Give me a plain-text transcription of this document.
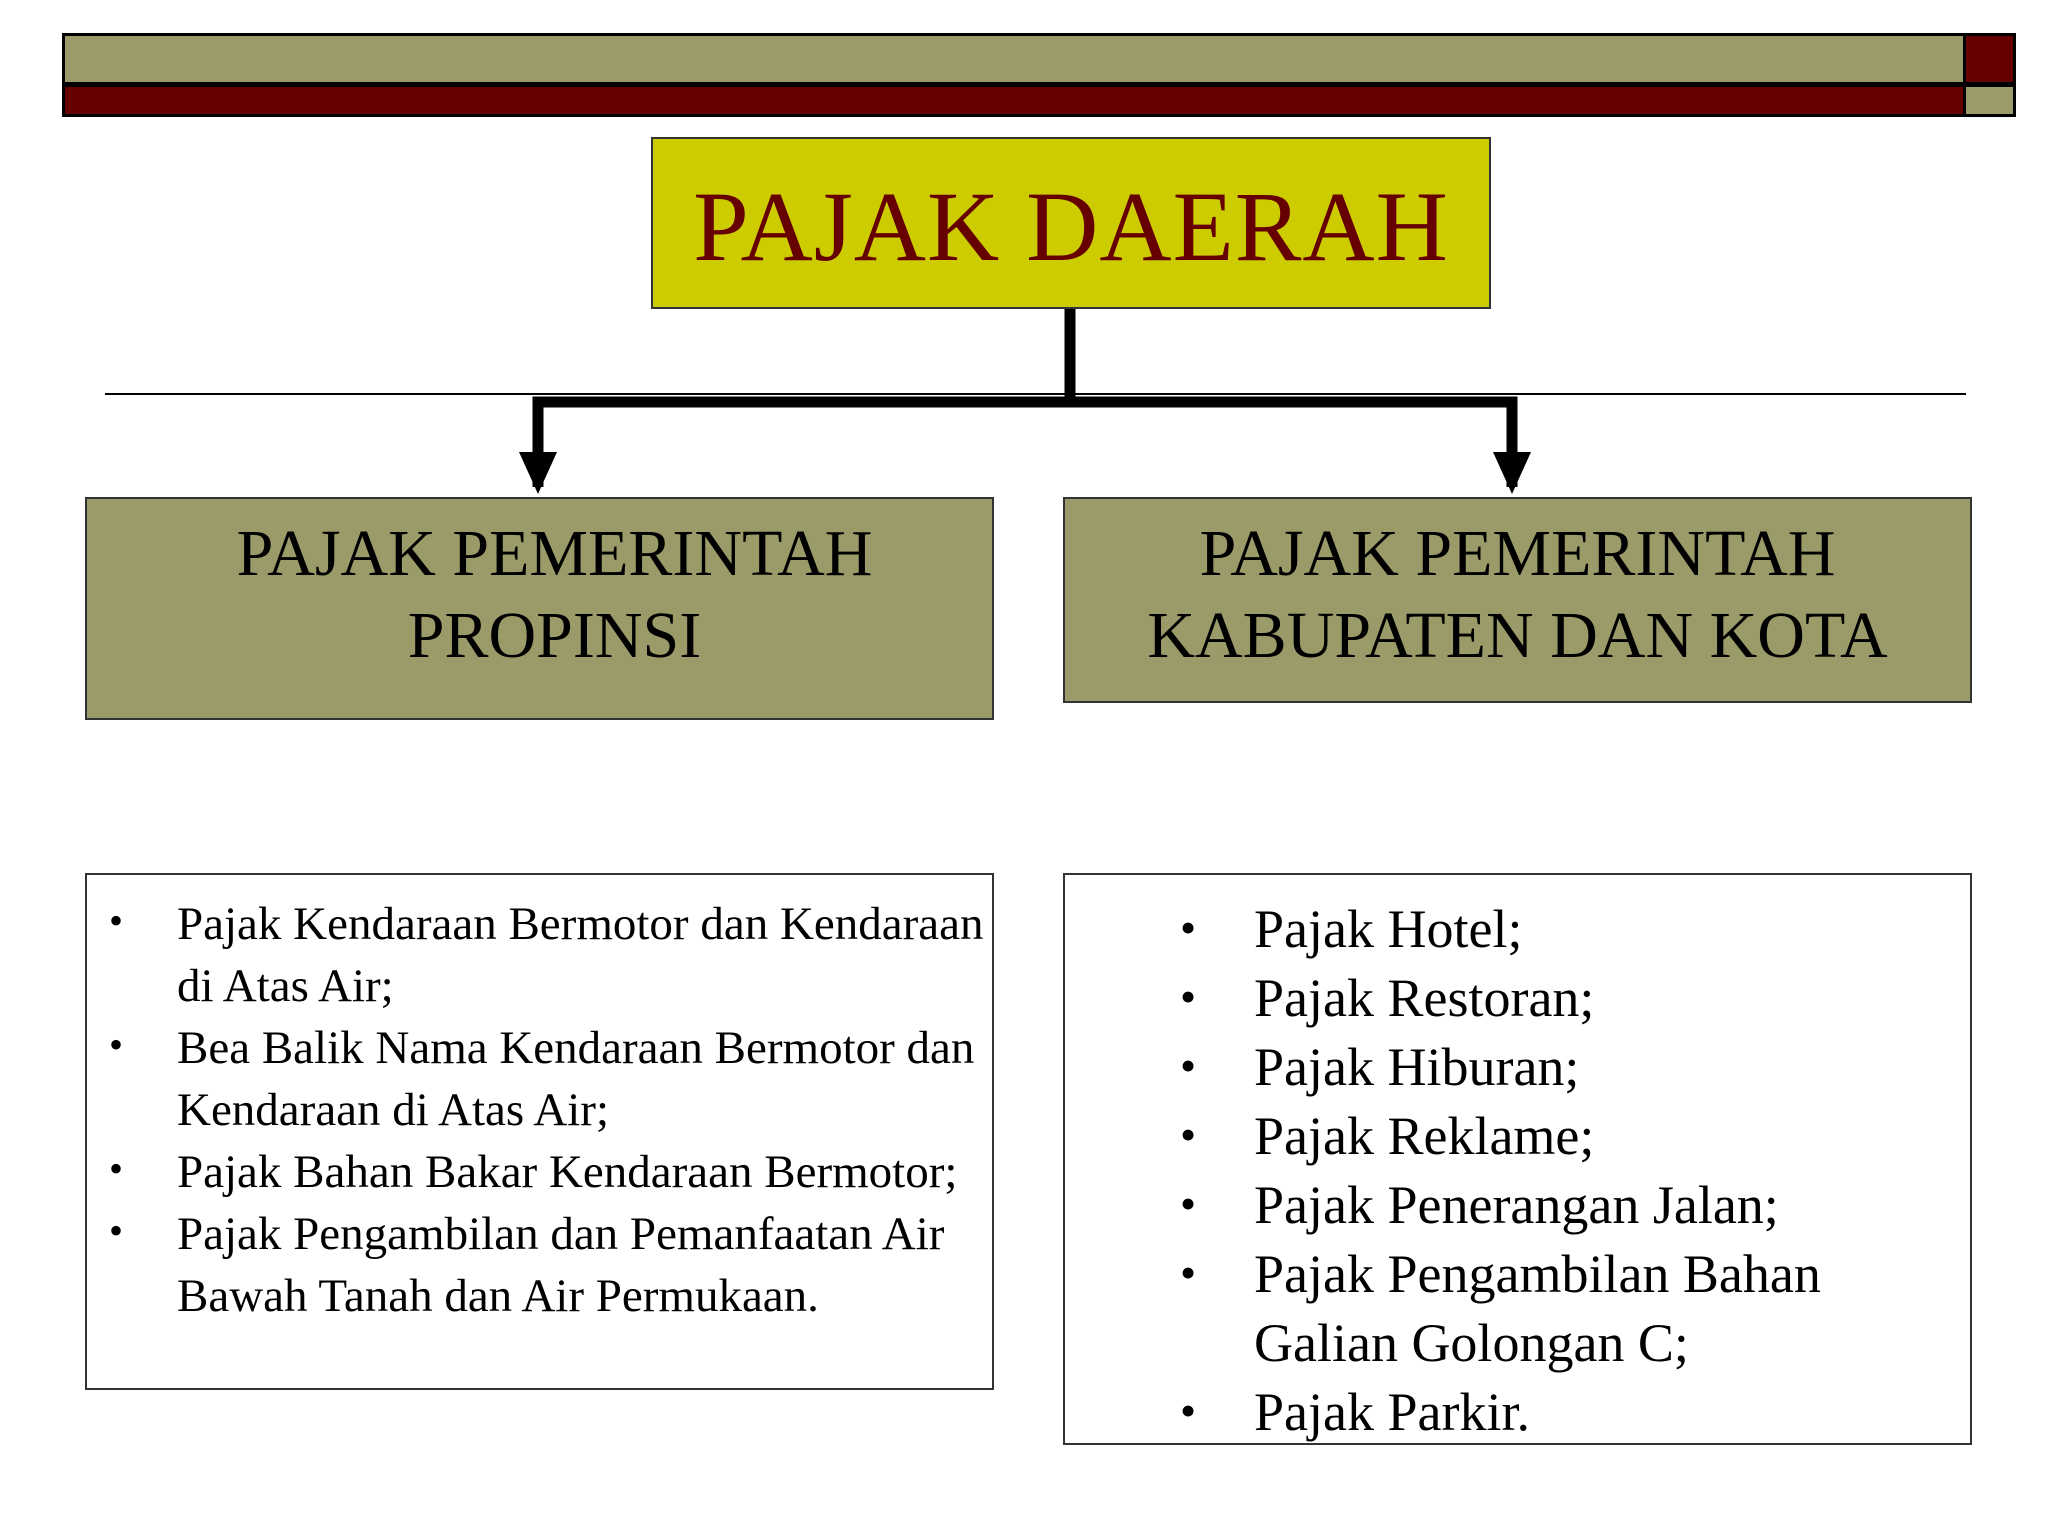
PAJAK DAERAH
PAJAK PEMERINTAH
PROPINSI
PAJAK PEMERINTAH
KABUPATEN DAN KOTA
• Pajak Kendaraan Bermotor dan Kendaraan di Atas Air;
• Bea Balik Nama Kendaraan Bermotor dan Kendaraan di Atas Air;
• Pajak Bahan Bakar Kendaraan Bermotor;
• Pajak Pengambilan dan Pemanfaatan Air Bawah Tanah dan Air Permukaan.
• Pajak Hotel;
• Pajak Restoran;
• Pajak Hiburan;
• Pajak Reklame;
• Pajak Penerangan Jalan;
• Pajak Pengambilan Bahan Galian Golongan C;
• Pajak Parkir.
